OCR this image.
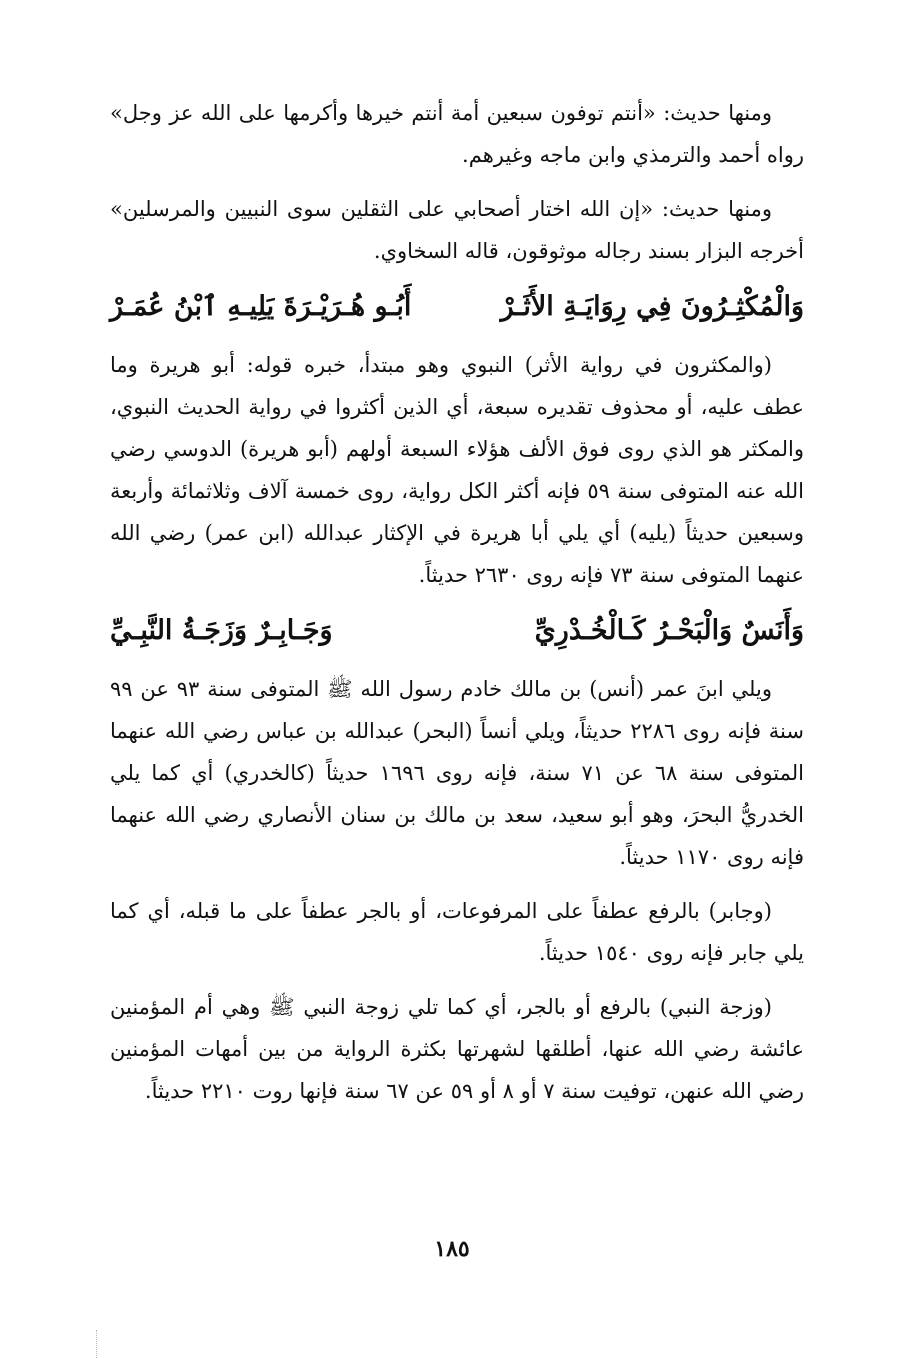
ومنها حديث: «أنتم توفون سبعين أمة أنتم خيرها وأكرمها على الله عز وجل» رواه أحمد والترمذي وابن ماجه وغيرهم.

ومنها حديث: «إن الله اختار أصحابي على الثقلين سوى النبيين والمرسلين» أخرجه البزار بسند رجاله موثوقون، قاله السخاوي.

وَالْمُكْثِـرُونَ فِي رِوَايَـةِ الأَثَـرْ
أَبُـو هُـرَيْـرَةَ يَلِيـهِ ٱبْنُ عُمَـرْ

(والمكثرون في رواية الأثر) النبوي وهو مبتدأ، خبره قوله: أبو هريرة وما عطف عليه، أو محذوف تقديره سبعة، أي الذين أكثروا في رواية الحديث النبوي، والمكثر هو الذي روى فوق الألف هؤلاء السبعة أولهم (أبو هريرة) الدوسي رضي الله عنه المتوفى سنة ٥٩ فإنه أكثر الكل رواية، روى خمسة آلاف وثلاثمائة وأربعة وسبعين حديثاً (يليه) أي يلي أبا هريرة في الإكثار عبدالله (ابن عمر) رضي الله عنهما المتوفى سنة ٧٣ فإنه روى ٢٦٣٠ حديثاً.

وَأَنَسٌ وَالْبَحْـرُ كَـالْخُـدْرِيِّ
وَجَـابِـرٌ وَزَجَـةُ النَّبِـيِّ

ويلي ابنَ عمر (أنس) بن مالك خادم رسول الله ﷺ المتوفى سنة ٩٣ عن ٩٩ سنة فإنه روى ٢٢٨٦ حديثاً، ويلي أنساً (البحر) عبدالله بن عباس رضي الله عنهما المتوفى سنة ٦٨ عن ٧١ سنة، فإنه روى ١٦٩٦ حديثاً (كالخدري) أي كما يلي الخدريُّ البحرَ، وهو أبو سعيد، سعد بن مالك بن سنان الأنصاري رضي الله عنهما فإنه روى ١١٧٠ حديثاً.

(وجابر) بالرفع عطفاً على المرفوعات، أو بالجر عطفاً على ما قبله، أي كما يلي جابر فإنه روى ١٥٤٠ حديثاً.

(وزجة النبي) بالرفع أو بالجر، أي كما تلي زوجة النبي ﷺ وهي أم المؤمنين عائشة رضي الله عنها، أطلقها لشهرتها بكثرة الرواية من بين أمهات المؤمنين رضي الله عنهن، توفيت سنة ٧ أو ٨ أو ٥٩ عن ٦٧ سنة فإنها روت ٢٢١٠ حديثاً.

١٨٥
